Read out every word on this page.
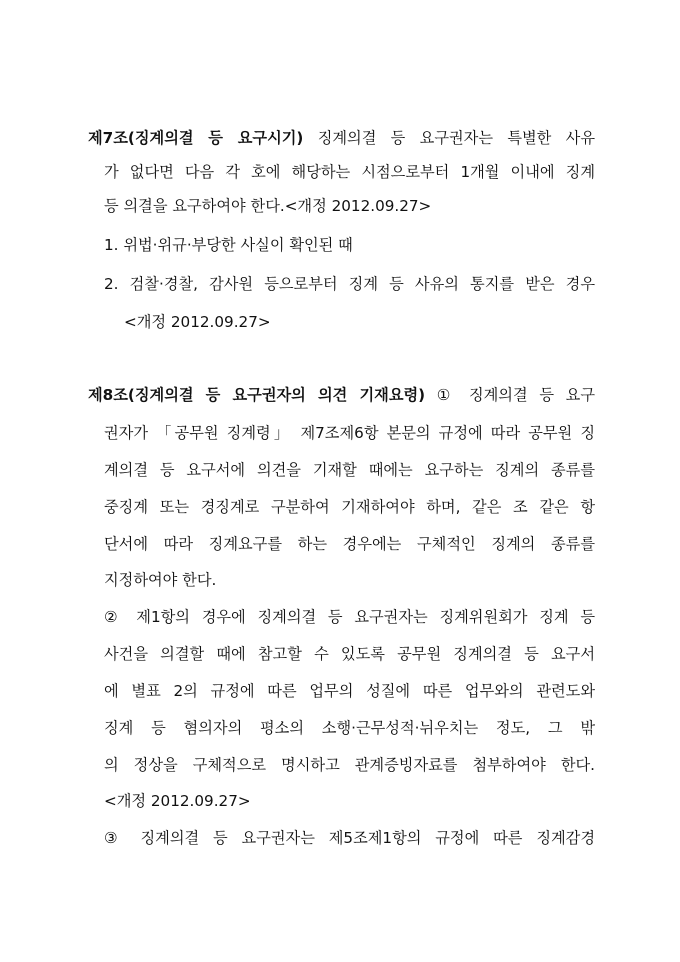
제7조(징계의결 등 요구시기) 징계의결 등 요구권자는 특별한 사유
가 없다면 다음 각 호에 해당하는 시점으로부터 1개월 이내에 징계
등 의결을 요구하여야 한다.<개정 2012.09.27>
1. 위법·위규·부당한 사실이 확인된 때
2. 검찰·경찰, 감사원 등으로부터 징계 등 사유의 통지를 받은 경우
<개정 2012.09.27>
제8조(징계의결 등 요구권자의 의견 기재요령) ① 징계의결 등 요구
권자가 「공무원 징계령」 제7조제6항 본문의 규정에 따라 공무원 징
계의결 등 요구서에 의견을 기재할 때에는 요구하는 징계의 종류를
중징계 또는 경징계로 구분하여 기재하여야 하며, 같은 조 같은 항
단서에 따라 징계요구를 하는 경우에는 구체적인 징계의 종류를
지정하여야 한다.
② 제1항의 경우에 징계의결 등 요구권자는 징계위원회가 징계 등
사건을 의결할 때에 참고할 수 있도록 공무원 징계의결 등 요구서
에 별표 2의 규정에 따른 업무의 성질에 따른 업무와의 관련도와
징계 등 혐의자의 평소의 소행·근무성적·뉘우치는 정도, 그 밖
의 정상을 구체적으로 명시하고 관계증빙자료를 첨부하여야 한다.
<개정 2012.09.27>
③ 징계의결 등 요구권자는 제5조제1항의 규정에 따른 징계감경
